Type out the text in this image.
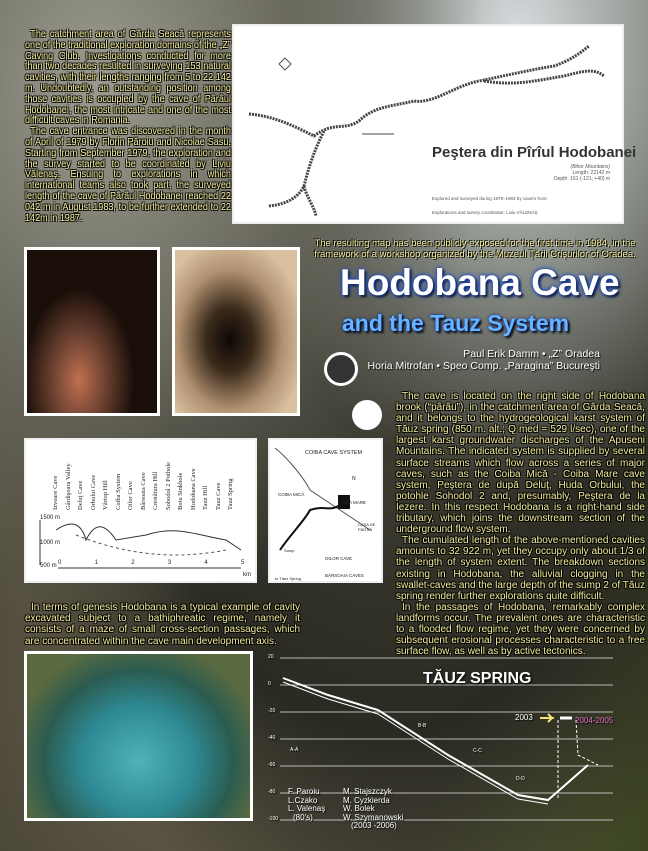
The catchment area of Gârda Seacă represents one of the traditional exploration domains of the „Z” Caving Club. Investigations conducted for more than two decades resulted in surveying 153 natural cavities, with their lengths ranging from 5 to 22 142 m. Undoubtedly, an outstanding position among those cavities is occupied by the cave of Pârâul Hodobanei, the most intricate and one of the most difficult caves in Romania.

The cave entrance was discovered in the month of April of 1979 by Florin Păroiu and Nicolae Sasu. Starting from September 1979, the exploration and the survey started to be coordinated by Liviu Vălenaş. Ensuing to explorations in which international teams also took part, the surveyed length of the cave of Pârâul Hodobanei reached 22 042 m in August 1983, to be further extended to 22 142m in 1987.

Peştera din Pîrîul Hodobanei
(Bihor Mountains)
Length: 22142 m
Depth: 161 (-121; +40) m
Explored and surveyed during 1979–1983 by cavers from:
Explorations and survey coordinator: Liviu VĂLENAŞ
The resulting map has been publicly exposed for the first time in 1984, in the framework of a workshop organized by the Muzeul Ţării Crişurilor of Oradea.
Hodobana Cave
and the Tauz System
Paul Erik Damm • „Z” Oradea
Horia Mitrofan • Speo Comp. „Paragina” Bucureşti
1500 m
1000 m
500 m
Izvoare Cave Gârdişoara Valley Deluţ Cave Orbului Cave Vârtop Hill Coiba System Oilor Cave Bârsoaia Cave Crestătura Hill Sohodol 2 Pothole Boiu Sinkhole Hodobana Cave Tauz Hill Tauz Cave Tauz Spring
0	1	2	3	4	5
km
COIBA CAVE SYSTEM
COIBA MICĂ
COIBA MARE
CASA DE PIATRĂ
OILOR CAVE
BÂRSOAIA CAVES
to Tăuz Spring
Sump
N

The cave is located on the right side of Hodobana brook (“pârâu”), in the catchment area of Gârda Seacă, and it belongs to the hydrogeological karst system of Tăuz spring (850 m. alt.; Q med = 529 l/sec), one of the largest karst groundwater discharges of the Apuseni Mountains. The indicated system is supplied by several surface streams which flow across a series of major caves, such as the Coiba Mică - Coiba Mare cave system, Peştera de după Deluţ, Huda Orbului, the potohle Sohodol 2 and, presumably, Peştera de la Iezere. In this respect Hodobana is a right-hand side tributary, which joins the downstream section of the underground flow system.

The cumulated length of the above-mentioned cavities amounts to 32 922 m, yet they occupy only about 1/3 of the length of system extent. The breakdown sections existing in Hodobana, the alluvial clogging in the swallet-caves and the large depth of the sump 2 of Tăuz spring render further explorations quite difficult.

In the passages of Hodobana, remarkably complex landforms occur. The prevalent ones are characteristic to a flooded flow regime, yet they were concerned by subsequent erosional processes characteristic to a free surface flow, as well as by active tectonics.

In terms of genesis Hodobana is a typical example of cavity excavated subject to a bathiphreatic regime, namely it consists of a maze of small cross-section passages, which are concentrated within the cave main development axis.

TĂUZ SPRING
2003	2004-2005
A-A
B-B
C-C
D-D
F. Paroiu
L.Czako
L. Valenaş
(80's)
M. Stajszczyk
M. Cyzkierda
W. Bolek
W. Szymanowski
(2003 -2006)
20
0
-20
-40
-60
-80
-100
